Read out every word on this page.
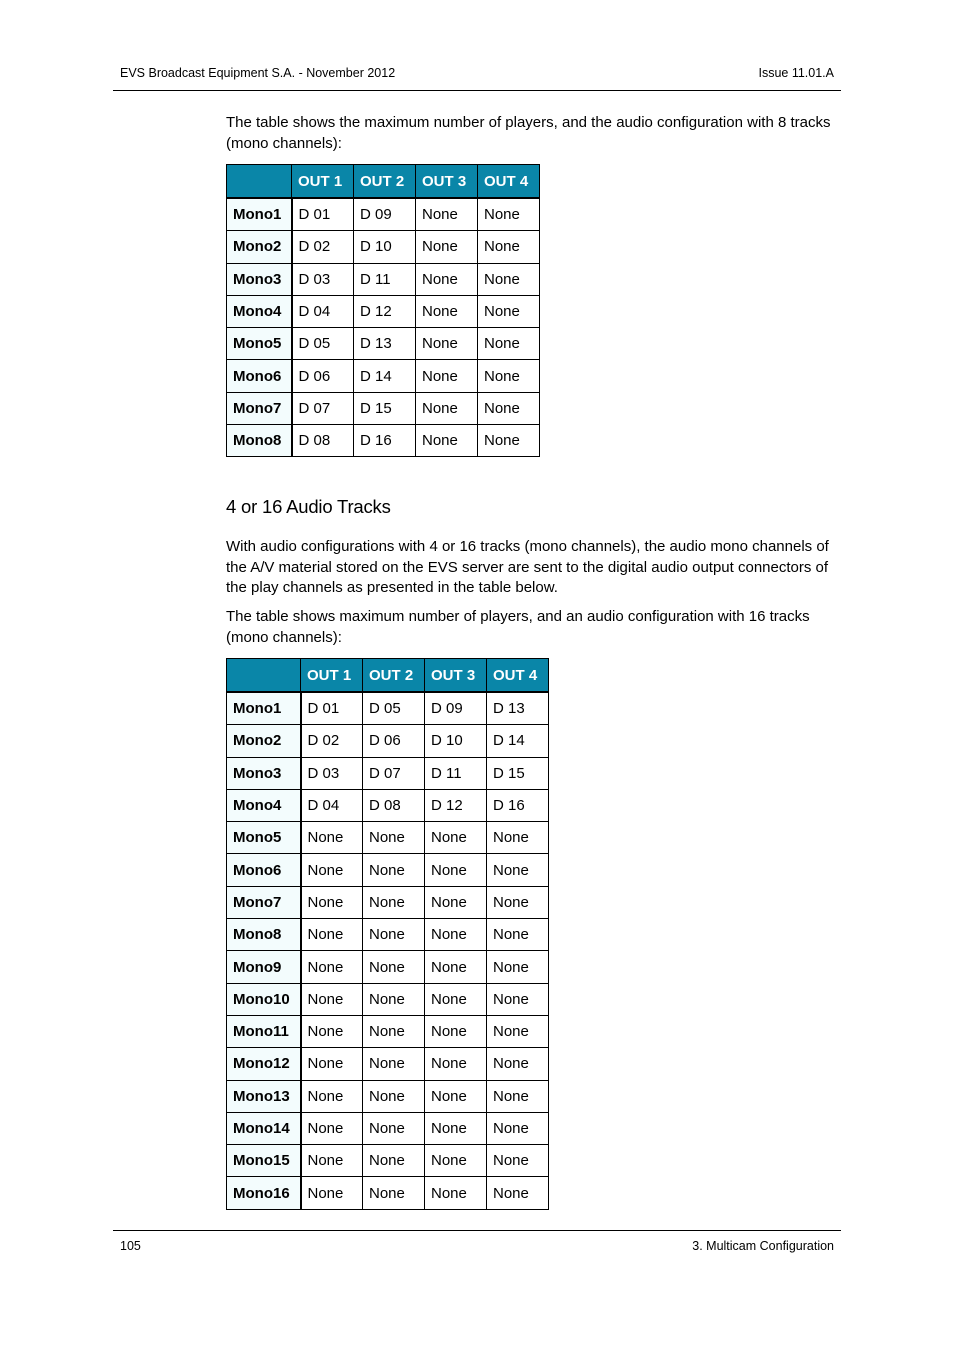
EVS Broadcast Equipment S.A. - November 2012	Issue 11.01.A

The table shows the maximum number of players, and the audio configuration with 8 tracks (mono channels):

	OUT 1	OUT 2	OUT 3	OUT 4
Mono1	D 01	D 09	None	None
Mono2	D 02	D 10	None	None
Mono3	D 03	D 11	None	None
Mono4	D 04	D 12	None	None
Mono5	D 05	D 13	None	None
Mono6	D 06	D 14	None	None
Mono7	D 07	D 15	None	None
Mono8	D 08	D 16	None	None
4 or 16 Audio Tracks

With audio configurations with 4 or 16 tracks (mono channels), the audio mono channels of the A/V material stored on the EVS server are sent to the digital audio output connectors of the play channels as presented in the table below.

The table shows maximum number of players, and an audio configuration with 16 tracks (mono channels):

	OUT 1	OUT 2	OUT 3	OUT 4
Mono1	D 01	D 05	D 09	D 13
Mono2	D 02	D 06	D 10	D 14
Mono3	D 03	D 07	D 11	D 15
Mono4	D 04	D 08	D 12	D 16
Mono5	None	None	None	None
Mono6	None	None	None	None
Mono7	None	None	None	None
Mono8	None	None	None	None
Mono9	None	None	None	None
Mono10	None	None	None	None
Mono11	None	None	None	None
Mono12	None	None	None	None
Mono13	None	None	None	None
Mono14	None	None	None	None
Mono15	None	None	None	None
Mono16	None	None	None	None
105	3. Multicam Configuration
